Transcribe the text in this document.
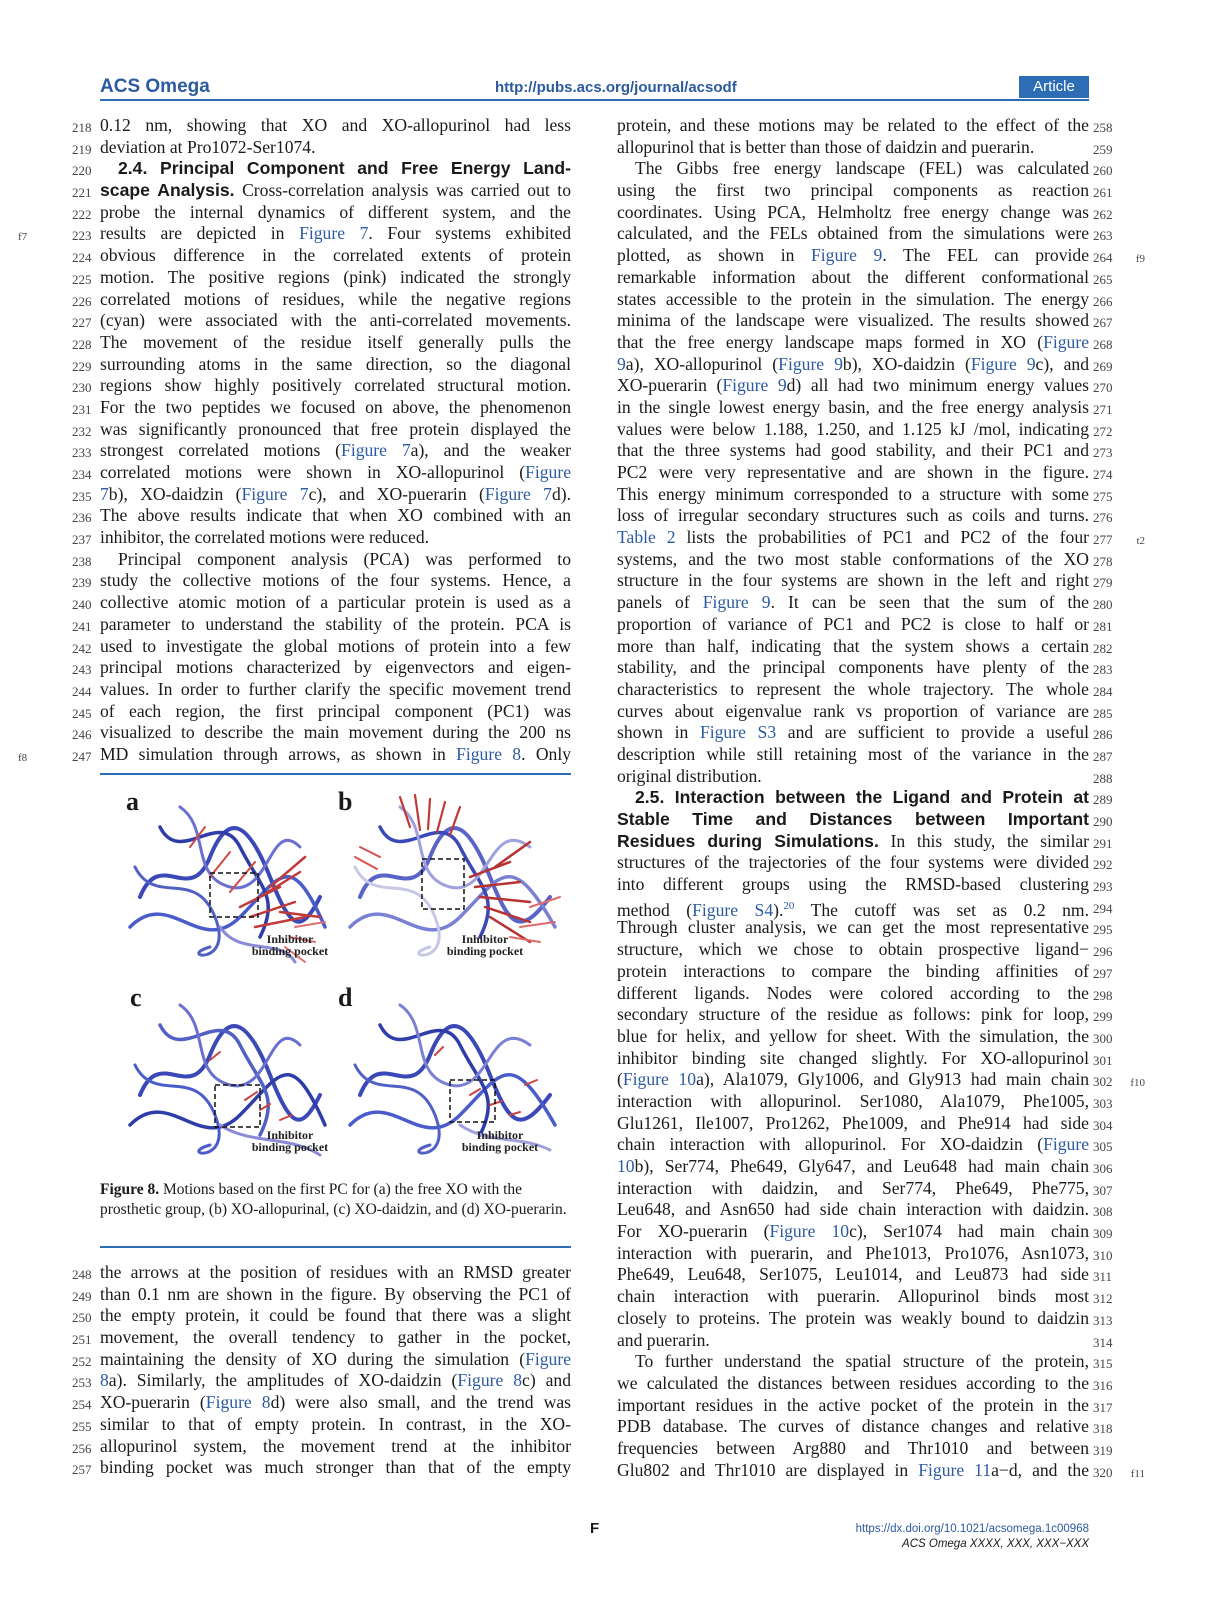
ACS Omega	http://pubs.acs.org/journal/acsodf	Article
218 0.12 nm, showing that XO and XO-allopurinol had less
219 deviation at Pro1072-Ser1074.
220 2.4. Principal Component and Free Energy Land-
221 scape Analysis. Cross-correlation analysis was carried out to
222 probe the internal dynamics of different system, and the
223
f7	results are depicted in Figure 7. Four systems exhibited
224 obvious difference in the correlated extents of protein
225 motion. The positive regions (pink) indicated the strongly
226 correlated motions of residues, while the negative regions
227 (cyan) were associated with the anti-correlated movements.
228 The movement of the residue itself generally pulls the
229 surrounding atoms in the same direction, so the diagonal
230 regions show highly positively correlated structural motion.
231 For the two peptides we focused on above, the phenomenon
232 was significantly pronounced that free protein displayed the
233 strongest correlated motions (Figure 7a), and the weaker
234 correlated motions were shown in XO-allopurinol (Figure
235 7b), XO-daidzin (Figure 7c), and XO-puerarin (Figure 7d).
236 The above results indicate that when XO combined with an
237 inhibitor, the correlated motions were reduced.
238 Principal component analysis (PCA) was performed to
239 study the collective motions of the four systems. Hence, a
240 collective atomic motion of a particular protein is used as a
241 parameter to understand the stability of the protein. PCA is
242 used to investigate the global motions of protein into a few
243 principal motions characterized by eigenvectors and eigen-
244 values. In order to further clarify the specific movement trend
245 of each region, the first principal component (PC1) was
246 visualized to describe the main movement during the 200 ns
247
f8	MD simulation through arrows, as shown in Figure 8. Only
a	b
c	d
Inhibitor
binding pocket
Inhibitor
binding pocket
Inhibitor
binding pocket
Inhibitor
binding pocket
Figure 8. Motions based on the first PC for (a) the free XO with the prosthetic group, (b) XO-allopurinal, (c) XO-daidzin, and (d) XO-puerarin.
248 the arrows at the position of residues with an RMSD greater
249 than 0.1 nm are shown in the figure. By observing the PC1 of
250 the empty protein, it could be found that there was a slight
251 movement, the overall tendency to gather in the pocket,
252 maintaining the density of XO during the simulation (Figure
253 8a). Similarly, the amplitudes of XO-daidzin (Figure 8c) and
254 XO-puerarin (Figure 8d) were also small, and the trend was
255 similar to that of empty protein. In contrast, in the XO-
256 allopurinol system, the movement trend at the inhibitor
257 binding pocket was much stronger than that of the empty
258
protein, and these motions may be related to the effect of the
259
allopurinol that is better than those of daidzin and puerarin.
260
The Gibbs free energy landscape (FEL) was calculated
261
using the first two principal components as reaction
262
coordinates. Using PCA, Helmholtz free energy change was
263
calculated, and the FELs obtained from the simulations were
264	f9
plotted, as shown in Figure 9. The FEL can provide
265
remarkable information about the different conformational
266
states accessible to the protein in the simulation. The energy
267
minima of the landscape were visualized. The results showed
268
that the free energy landscape maps formed in XO (Figure
269
9a), XO-allopurinol (Figure 9b), XO-daidzin (Figure 9c), and
270
XO-puerarin (Figure 9d) all had two minimum energy values
271
in the single lowest energy basin, and the free energy analysis
272
values were below 1.188, 1.250, and 1.125 kJ /mol, indicating
273
that the three systems had good stability, and their PC1 and
274
PC2 were very representative and are shown in the figure.
275
This energy minimum corresponded to a structure with some
276
loss of irregular secondary structures such as coils and turns.
277	t2
Table 2 lists the probabilities of PC1 and PC2 of the four
278
systems, and the two most stable conformations of the XO
279
structure in the four systems are shown in the left and right
280
panels of Figure 9. It can be seen that the sum of the
281
proportion of variance of PC1 and PC2 is close to half or
282
more than half, indicating that the system shows a certain
283
stability, and the principal components have plenty of the
284
characteristics to represent the whole trajectory. The whole
285
curves about eigenvalue rank vs proportion of variance are
286
shown in Figure S3 and are sufficient to provide a useful
287
description while still retaining most of the variance in the
288
original distribution.
289
2.5. Interaction between the Ligand and Protein at
290
Stable Time and Distances between Important
291
Residues during Simulations. In this study, the similar
292
structures of the trajectories of the four systems were divided
293
into different groups using the RMSD-based clustering
294
method (Figure S4).$^{20}$ The cutoff was set as 0.2 nm.
295
Through cluster analysis, we can get the most representative
296
structure, which we chose to obtain prospective ligand−
297
protein interactions to compare the binding affinities of
298
different ligands. Nodes were colored according to the
299
secondary structure of the residue as follows: pink for loop,
300
blue for helix, and yellow for sheet. With the simulation, the
301
inhibitor binding site changed slightly. For XO-allopurinol
302	f10
(Figure 10a), Ala1079, Gly1006, and Gly913 had main chain
303
interaction with allopurinol. Ser1080, Ala1079, Phe1005,
304
Glu1261, Ile1007, Pro1262, Phe1009, and Phe914 had side
305
chain interaction with allopurinol. For XO-daidzin (Figure
306
10b), Ser774, Phe649, Gly647, and Leu648 had main chain
307
interaction with daidzin, and Ser774, Phe649, Phe775,
308
Leu648, and Asn650 had side chain interaction with daidzin.
309
For XO-puerarin (Figure 10c), Ser1074 had main chain
310
interaction with puerarin, and Phe1013, Pro1076, Asn1073,
311
Phe649, Leu648, Ser1075, Leu1014, and Leu873 had side
312
chain interaction with puerarin. Allopurinol binds most
313
closely to proteins. The protein was weakly bound to daidzin
314
and puerarin.
315
To further understand the spatial structure of the protein,
316
we calculated the distances between residues according to the
317
important residues in the active pocket of the protein in the
318
PDB database. The curves of distance changes and relative
319
frequencies between Arg880 and Thr1010 and between
320	f11
Glu802 and Thr1010 are displayed in Figure 11a−d, and the
F	https://dx.doi.org/10.1021/acsomega.1c00968
ACS Omega XXXX, XXX, XXX−XXX
